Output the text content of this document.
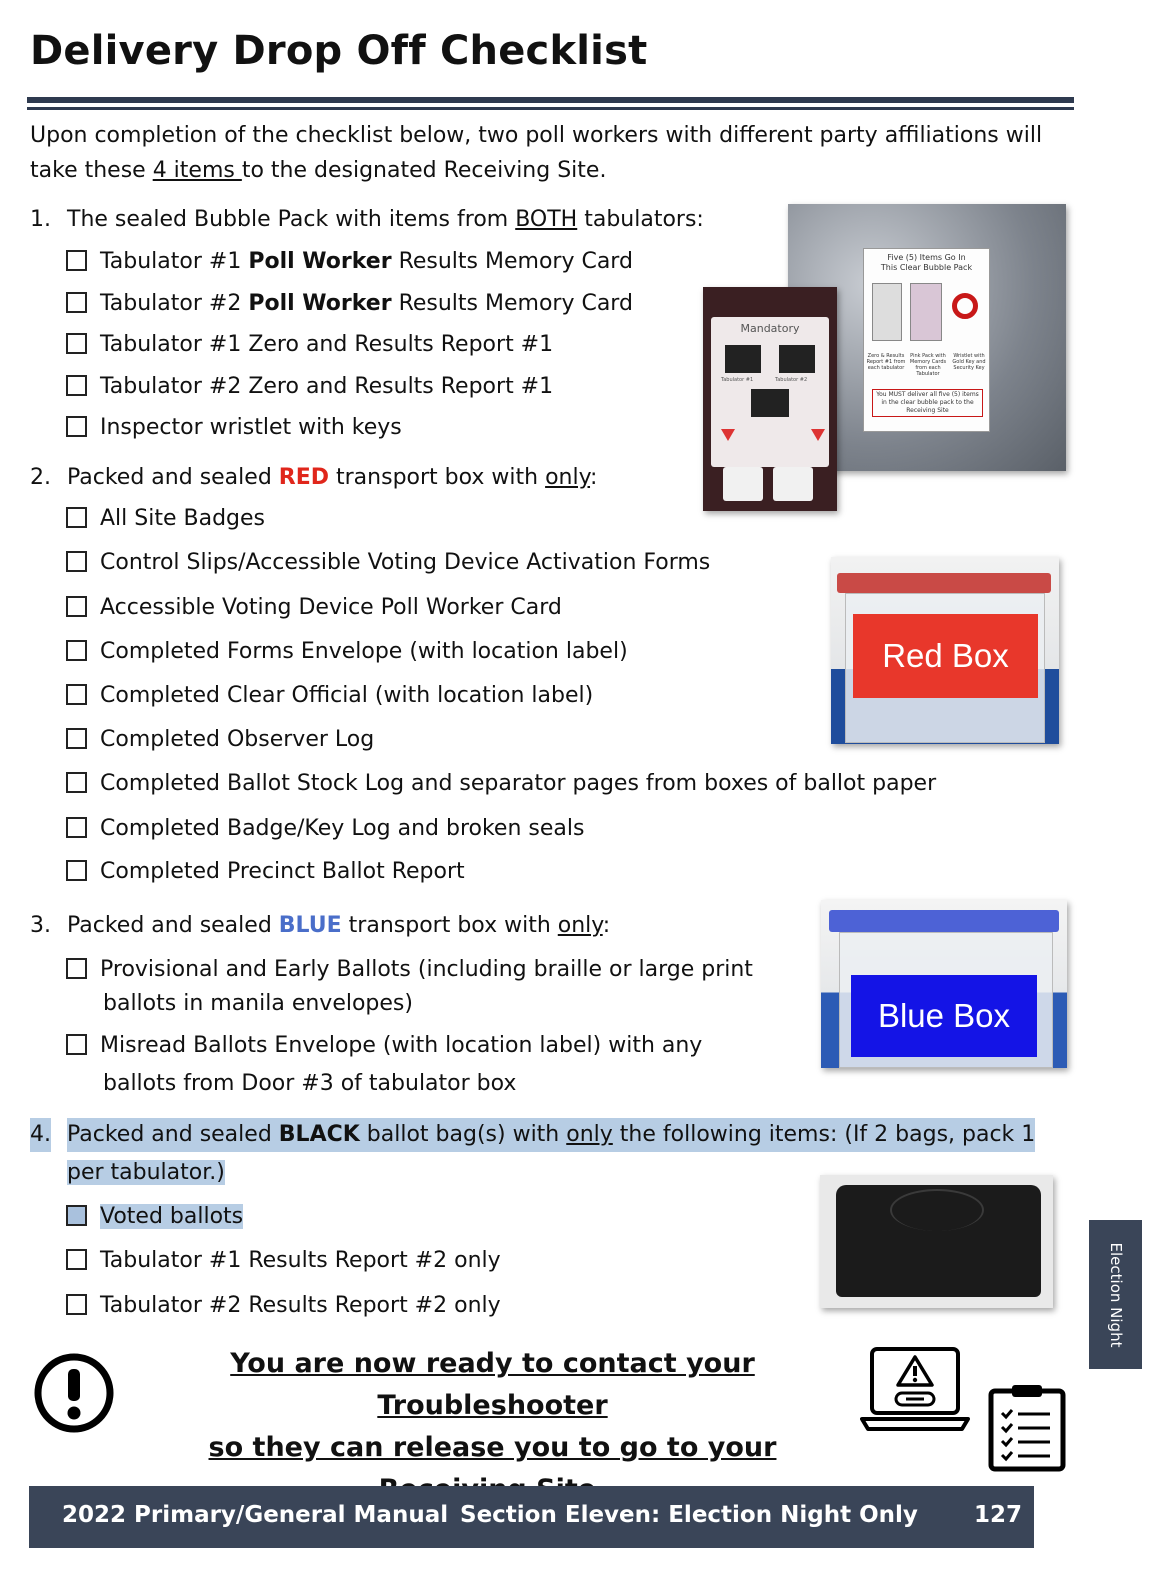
Delivery Drop Off Checklist
Upon completion of the checklist below, two poll workers with different party affiliations will take these 4 items to the designated Receiving Site.
1. The sealed Bubble Pack with items from BOTH tabulators:
Tabulator #1 Poll Worker Results Memory Card
Tabulator #2 Poll Worker Results Memory Card
Tabulator #1 Zero and Results Report #1
Tabulator #2 Zero and Results Report #1
Inspector wristlet with keys
Five (5) Items Go In
This Clear Bubble Pack
Zero & Results Report #1 from each tabulator
Pink Pack with Memory Cards from each Tabulator
Wristlet with Gold Key and Security Key
You MUST deliver all five (5) items in the clear bubble pack to the Receiving Site
Mandatory
Tabulator #1	Tabulator #2
2. Packed and sealed RED transport box with only:
All Site Badges
Control Slips/Accessible Voting Device Activation Forms
Accessible Voting Device Poll Worker Card
Completed Forms Envelope (with location label)
Completed Clear Official (with location label)
Completed Observer Log
Completed Ballot Stock Log and separator pages from boxes of ballot paper
Completed Badge/Key Log and broken seals
Completed Precinct Ballot Report
Red Box
3. Packed and sealed BLUE transport box with only:
Provisional and Early Ballots (including braille or large print
ballots in manila envelopes)
Misread Ballots Envelope (with location label) with any
ballots from Door #3 of tabulator box
Blue Box
4. Packed and sealed BLACK ballot bag(s) with only the following items: (If 2 bags, pack 1
per tabulator.)
Voted ballots
Tabulator #1 Results Report #2 only
Tabulator #2 Results Report #2 only
You are now ready to contact your Troubleshooter
so they can release you to go to your
Election Night
2022 Primary/General Manual Section Eleven: Election Night Only 127
